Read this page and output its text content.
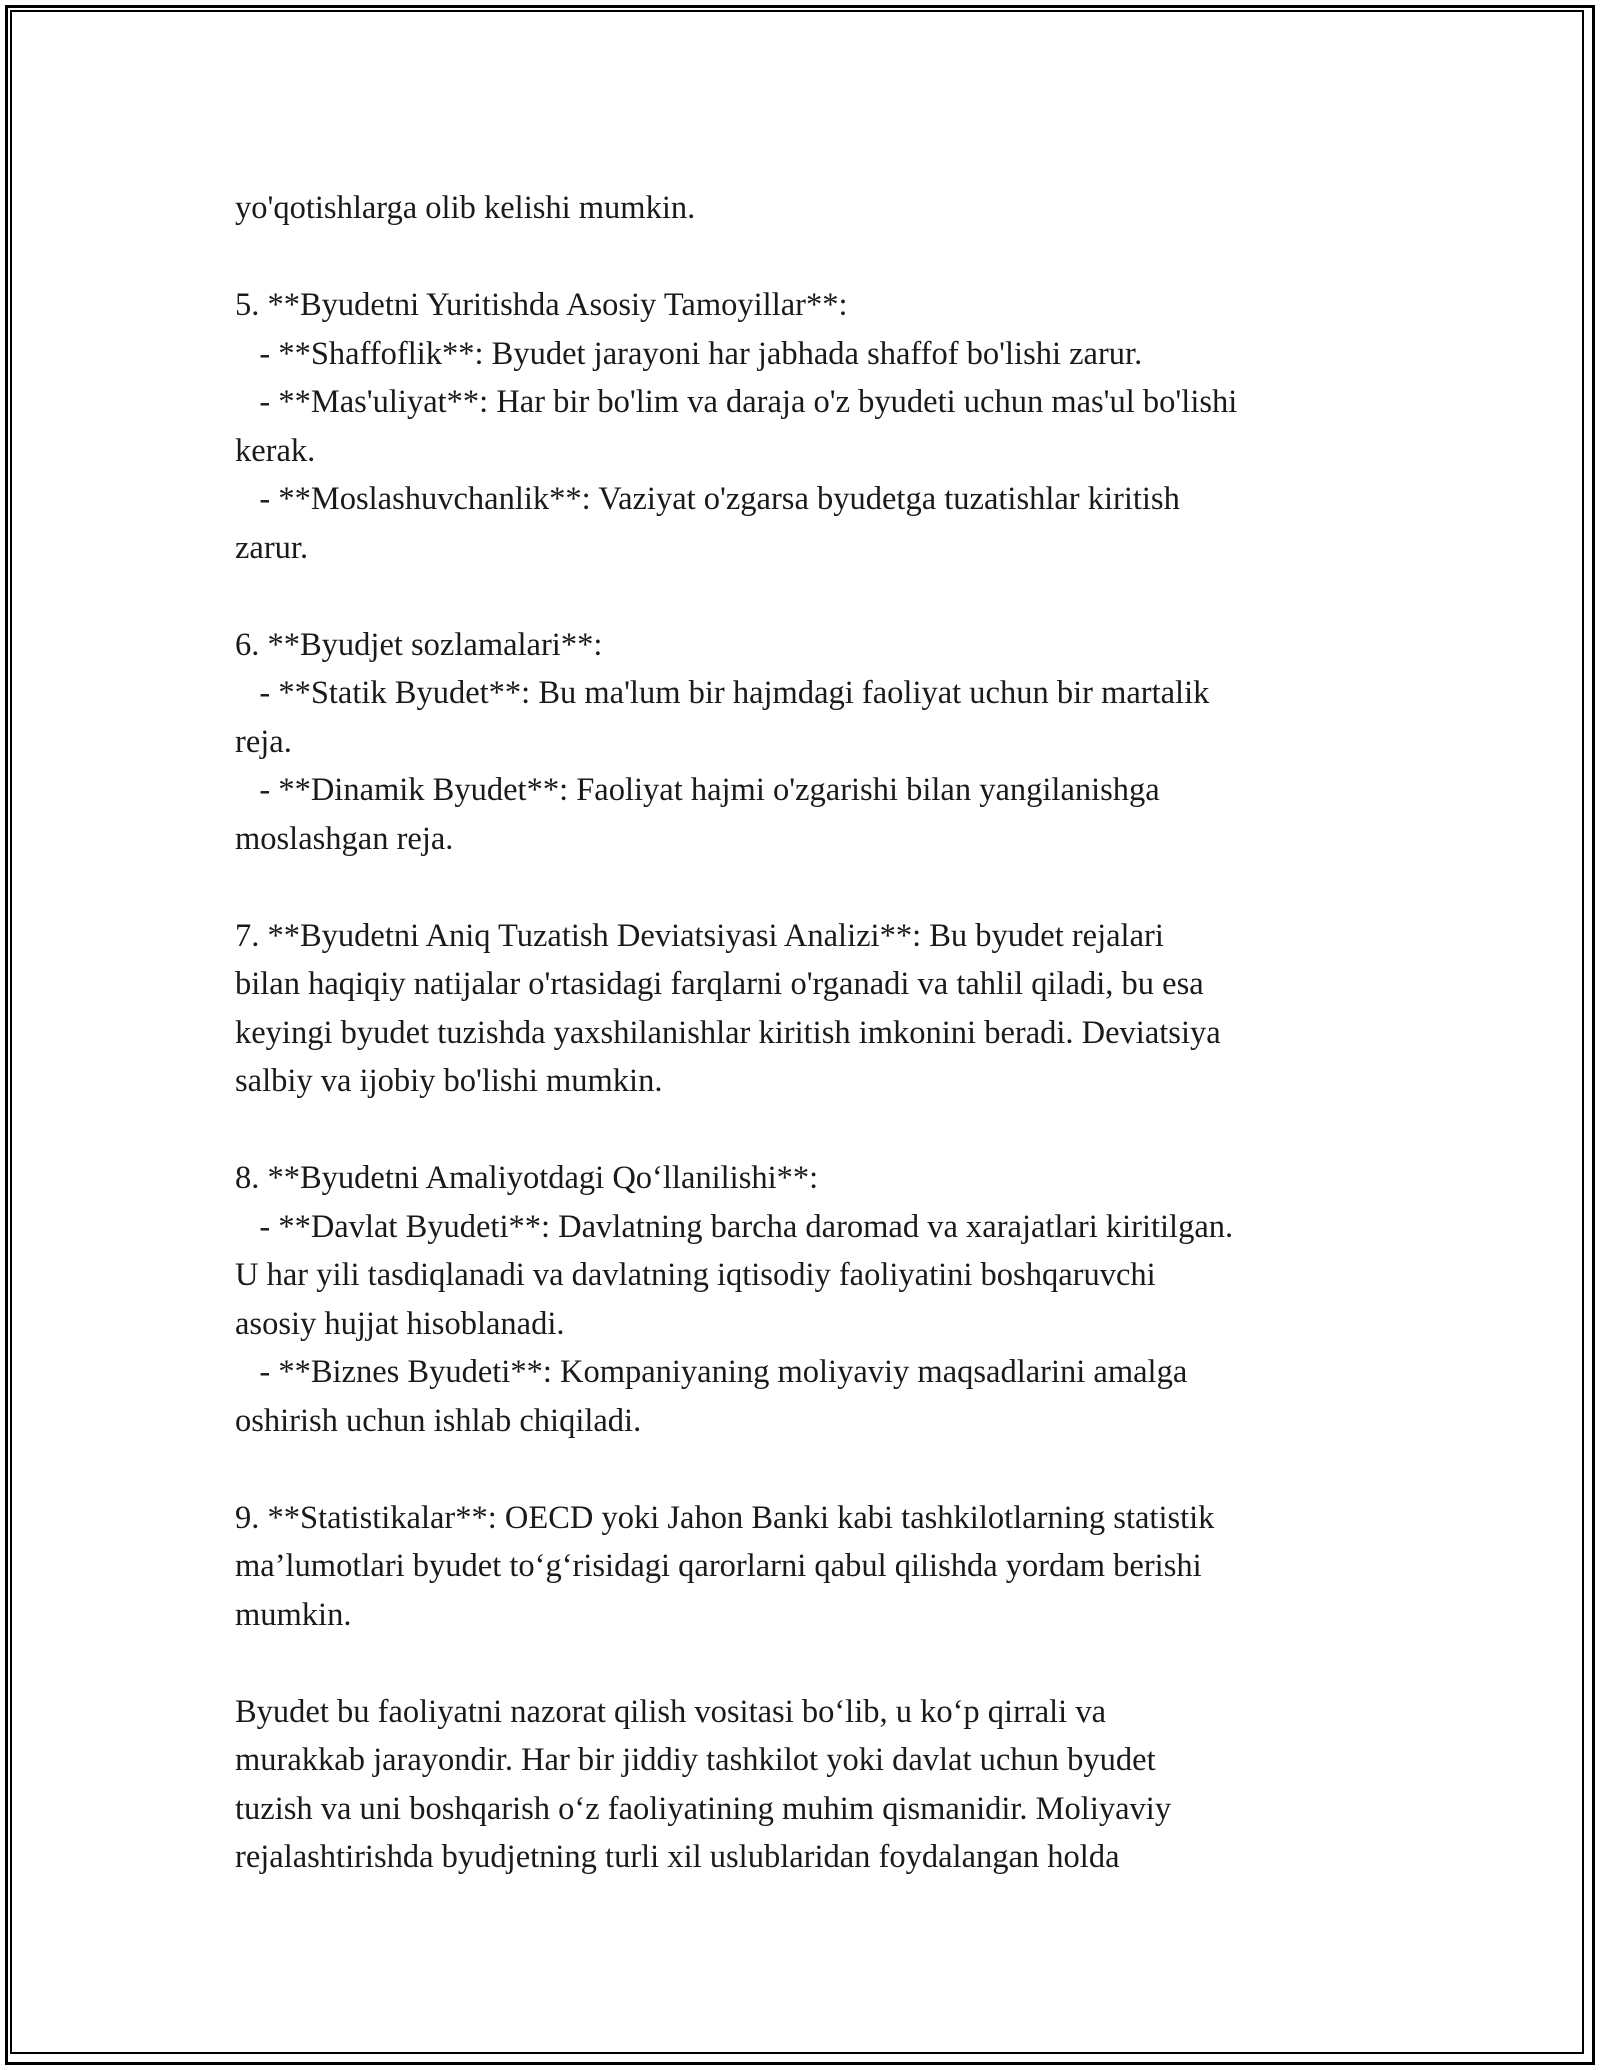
yo'qotishlarga olib kelishi mumkin.
5. **Byudetni Yuritishda Asosiy Tamoyillar**:
- **Shaffoflik**: Byudet jarayoni har jabhada shaffof bo'lishi zarur.
- **Mas'uliyat**: Har bir bo'lim va daraja o'z byudeti uchun mas'ul bo'lishi
kerak.
- **Moslashuvchanlik**: Vaziyat o'zgarsa byudetga tuzatishlar kiritish
zarur.
6. **Byudjet sozlamalari**:
- **Statik Byudet**: Bu ma'lum bir hajmdagi faoliyat uchun bir martalik
reja.
- **Dinamik Byudet**: Faoliyat hajmi o'zgarishi bilan yangilanishga
moslashgan reja.
7. **Byudetni Aniq Tuzatish Deviatsiyasi Analizi**: Bu byudet rejalari
bilan haqiqiy natijalar o'rtasidagi farqlarni o'rganadi va tahlil qiladi, bu esa
keyingi byudet tuzishda yaxshilanishlar kiritish imkonini beradi. Deviatsiya
salbiy va ijobiy bo'lishi mumkin.
8. **Byudetni Amaliyotdagi Qo‘llanilishi**:
- **Davlat Byudeti**: Davlatning barcha daromad va xarajatlari kiritilgan.
U har yili tasdiqlanadi va davlatning iqtisodiy faoliyatini boshqaruvchi
asosiy hujjat hisoblanadi.
- **Biznes Byudeti**: Kompaniyaning moliyaviy maqsadlarini amalga
oshirish uchun ishlab chiqiladi.
9. **Statistikalar**: OECD yoki Jahon Banki kabi tashkilotlarning statistik
ma’lumotlari byudet to‘g‘risidagi qarorlarni qabul qilishda yordam berishi
mumkin.
Byudet bu faoliyatni nazorat qilish vositasi bo‘lib, u ko‘p qirrali va
murakkab jarayondir. Har bir jiddiy tashkilot yoki davlat uchun byudet
tuzish va uni boshqarish o‘z faoliyatining muhim qismanidir. Moliyaviy
rejalashtirishda byudjetning turli xil uslublaridan foydalangan holda
